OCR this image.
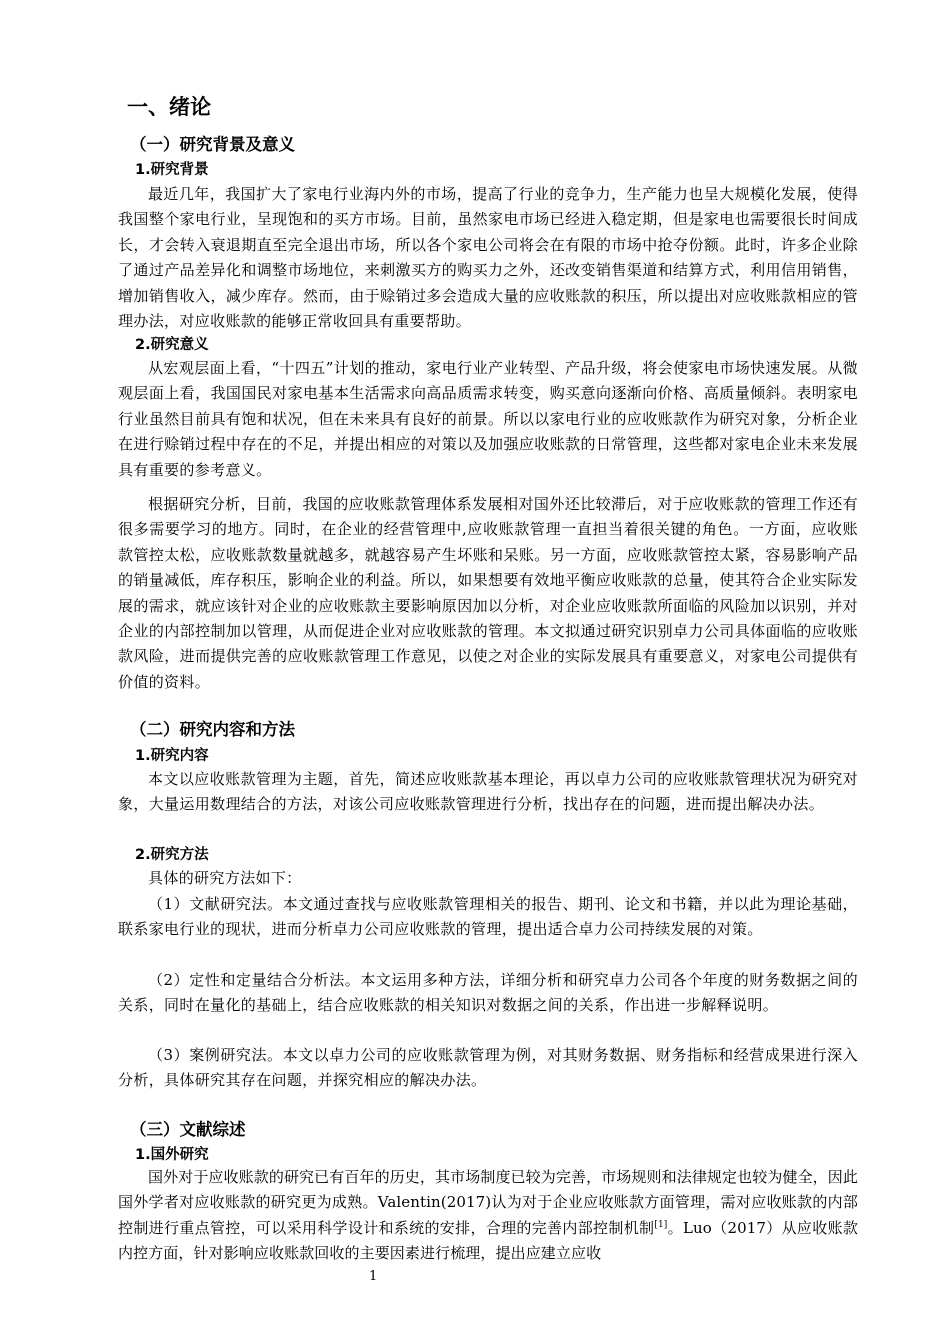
一、绪论
（一）研究背景及意义
1.研究背景

最近几年，我国扩大了家电行业海内外的市场，提高了行业的竞争力，生产能力也呈大规模化发展，使得我国整个家电行业，呈现饱和的买方市场。目前，虽然家电市场已经进入稳定期，但是家电也需要很长时间成长，才会转入衰退期直至完全退出市场，所以各个家电公司将会在有限的市场中抢夺份额。此时，许多企业除了通过产品差异化和调整市场地位，来刺激买方的购买力之外，还改变销售渠道和结算方式，利用信用销售，增加销售收入，减少库存。然而，由于赊销过多会造成大量的应收账款的积压，所以提出对应收账款相应的管理办法，对应收账款的能够正常收回具有重要帮助。

2.研究意义

从宏观层面上看，“十四五”计划的推动，家电行业产业转型、产品升级，将会使家电市场快速发展。从微观层面上看，我国国民对家电基本生活需求向高品质需求转变，购买意向逐渐向价格、高质量倾斜。表明家电行业虽然目前具有饱和状况，但在未来具有良好的前景。所以以家电行业的应收账款作为研究对象，分析企业在进行赊销过程中存在的不足，并提出相应的对策以及加强应收账款的日常管理，这些都对家电企业未来发展具有重要的参考意义。

根据研究分析，目前，我国的应收账款管理体系发展相对国外还比较滞后，对于应收账款的管理工作还有很多需要学习的地方。同时，在企业的经营管理中,应收账款管理一直担当着很关键的角色。一方面，应收账款管控太松，应收账款数量就越多，就越容易产生坏账和呆账。另一方面，应收账款管控太紧，容易影响产品的销量减低，库存积压，影响企业的利益。所以，如果想要有效地平衡应收账款的总量，使其符合企业实际发展的需求，就应该针对企业的应收账款主要影响原因加以分析，对企业应收账款所面临的风险加以识别，并对企业的内部控制加以管理，从而促进企业对应收账款的管理。本文拟通过研究识别卓力公司具体面临的应收账款风险，进而提供完善的应收账款管理工作意见，以使之对企业的实际发展具有重要意义，对家电公司提供有价值的资料。

（二）研究内容和方法
1.研究内容

本文以应收账款管理为主题，首先，简述应收账款基本理论，再以卓力公司的应收账款管理状况为研究对象，大量运用数理结合的方法，对该公司应收账款管理进行分析，找出存在的问题，进而提出解决办法。

2.研究方法

具体的研究方法如下：

（1）文献研究法。本文通过查找与应收账款管理相关的报告、期刊、论文和书籍，并以此为理论基础，联系家电行业的现状，进而分析卓力公司应收账款的管理，提出适合卓力公司持续发展的对策。

（2）定性和定量结合分析法。本文运用多种方法，详细分析和研究卓力公司各个年度的财务数据之间的关系，同时在量化的基础上，结合应收账款的相关知识对数据之间的关系，作出进一步解释说明。

（3）案例研究法。本文以卓力公司的应收账款管理为例，对其财务数据、财务指标和经营成果进行深入分析，具体研究其存在问题，并探究相应的解决办法。

（三）文献综述
1.国外研究

国外对于应收账款的研究已有百年的历史，其市场制度已较为完善，市场规则和法律规定也较为健全，因此国外学者对应收账款的研究更为成熟。Valentin(2017)认为对于企业应收账款方面管理，需对应收账款的内部控制进行重点管控，可以采用科学设计和系统的安排，合理的完善内部控制机制[1]。Luo（2017）从应收账款内控方面，针对影响应收账款回收的主要因素进行梳理，提出应建立应收

1
